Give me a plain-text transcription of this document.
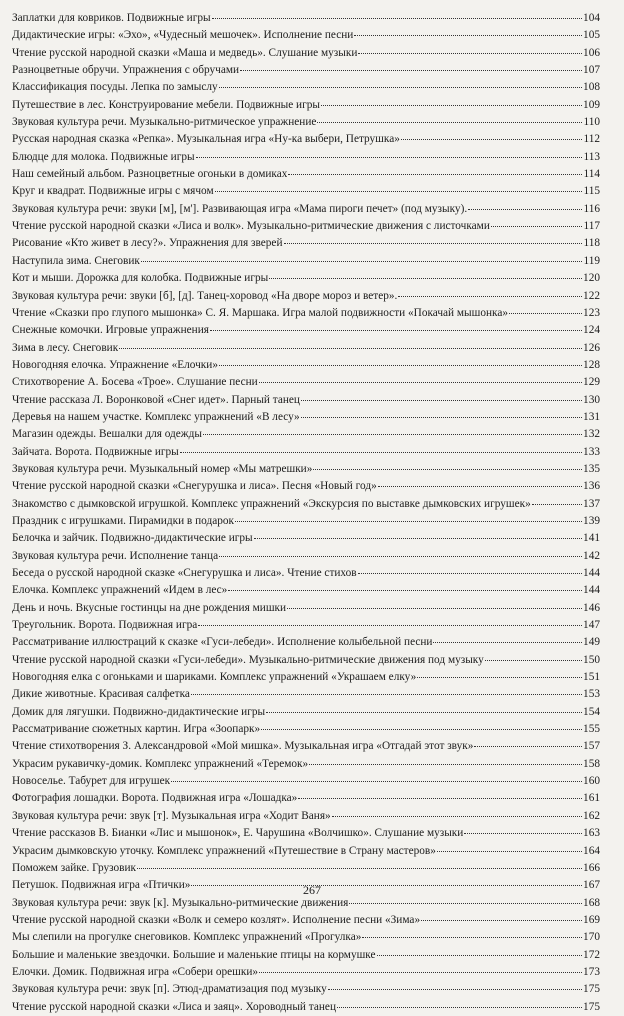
Заплатки для ковриков. Подвижные игры	104
Дидактические игры: «Эхо», «Чудесный мешочек». Исполнение песни	105
Чтение русской народной сказки «Маша и медведь». Слушание музыки	106
Разноцветные обручи. Упражнения с обручами	107
Классификация посуды. Лепка по замыслу	108
Путешествие в лес. Конструирование мебели. Подвижные игры	109
Звуковая культура речи. Музыкально-ритмическое упражнение	110
Русская народная сказка «Репка». Музыкальная игра «Ну-ка выбери, Петрушка»	112
Блюдце для молока. Подвижные игры	113
Наш семейный альбом. Разноцветные огоньки в домиках	114
Круг и квадрат. Подвижные игры с мячом	115
Звуковая культура речи: звуки [м], [м']. Развивающая игра «Мама пироги печет» (под музыку).	116
Чтение русской народной сказки «Лиса и волк». Музыкально-ритмические движения с листочками	117
Рисование «Кто живет в лесу?». Упражнения для зверей	118
Наступила зима. Снеговик	119
Кот и мыши. Дорожка для колобка. Подвижные игры	120
Звуковая культура речи: звуки [б], [д]. Танец-хоровод «На дворе мороз и ветер».	122
Чтение «Сказки про глупого мышонка» С. Я. Маршака. Игра малой подвижности «Покачай мышонка»	123
Снежные комочки. Игровые упражнения	124
Зима в лесу. Снеговик	126
Новогодняя елочка. Упражнение «Елочки»	128
Стихотворение А. Босева «Трое». Слушание песни	129
Чтение рассказа Л. Воронковой «Снег идет». Парный танец	130
Деревья на нашем участке. Комплекс упражнений «В лесу»	131
Магазин одежды. Вешалки для одежды	132
Зайчата. Ворота. Подвижные игры	133
Звуковая культура речи. Музыкальный номер «Мы матрешки»	135
Чтение русской народной сказки «Снегурушка и лиса». Песня «Новый год»	136
Знакомство с дымковской игрушкой. Комплекс упражнений «Экскурсия по выставке дымковских игрушек»	137
Праздник с игрушками. Пирамидки в подарок	139
Белочка и зайчик. Подвижно-дидактические игры	141
Звуковая культура речи. Исполнение танца	142
Беседа о русской народной сказке «Снегурушка и лиса». Чтение стихов	144
Елочка. Комплекс упражнений «Идем в лес»	144
День и ночь. Вкусные гостинцы на дне рождения мишки	146
Треугольник. Ворота. Подвижная игра	147
Рассматривание иллюстраций к сказке «Гуси-лебеди». Исполнение колыбельной песни	149
Чтение русской народной сказки «Гуси-лебеди». Музыкально-ритмические движения под музыку	150
Новогодняя елка с огоньками и шариками. Комплекс упражнений «Украшаем елку»	151
Дикие животные. Красивая салфетка	153
Домик для лягушки. Подвижно-дидактические игры	154
Рассматривание сюжетных картин. Игра «Зоопарк»	155
Чтение стихотворения З. Александровой «Мой мишка». Музыкальная игра «Отгадай этот звук»	157
Украсим рукавичку-домик. Комплекс упражнений «Теремок»	158
Новоселье. Табурет для игрушек	160
Фотография лошадки. Ворота. Подвижная игра «Лошадка»	161
Звуковая культура речи: звук [т]. Музыкальная игра «Ходит Ваня»	162
Чтение рассказов В. Бианки «Лис и мышонок», Е. Чарушина «Волчишко». Слушание музыки	163
Украсим дымковскую уточку. Комплекс упражнений «Путешествие в Страну мастеров»	164
Поможем зайке. Грузовик	166
Петушок. Подвижная игра «Птички»	167
Звуковая культура речи: звук [к]. Музыкально-ритмические движения	168
Чтение русской народной сказки «Волк и семеро козлят». Исполнение песни «Зима»	169
Мы слепили на прогулке снеговиков. Комплекс упражнений «Прогулка»	170
Большие и маленькие звездочки. Большие и маленькие птицы на кормушке	172
Елочки. Домик. Подвижная игра «Собери орешки»	173
Звуковая культура речи: звук [п]. Этюд-драматизация под музыку	175
Чтение русской народной сказки «Лиса и заяц». Хороводный танец	175
267
